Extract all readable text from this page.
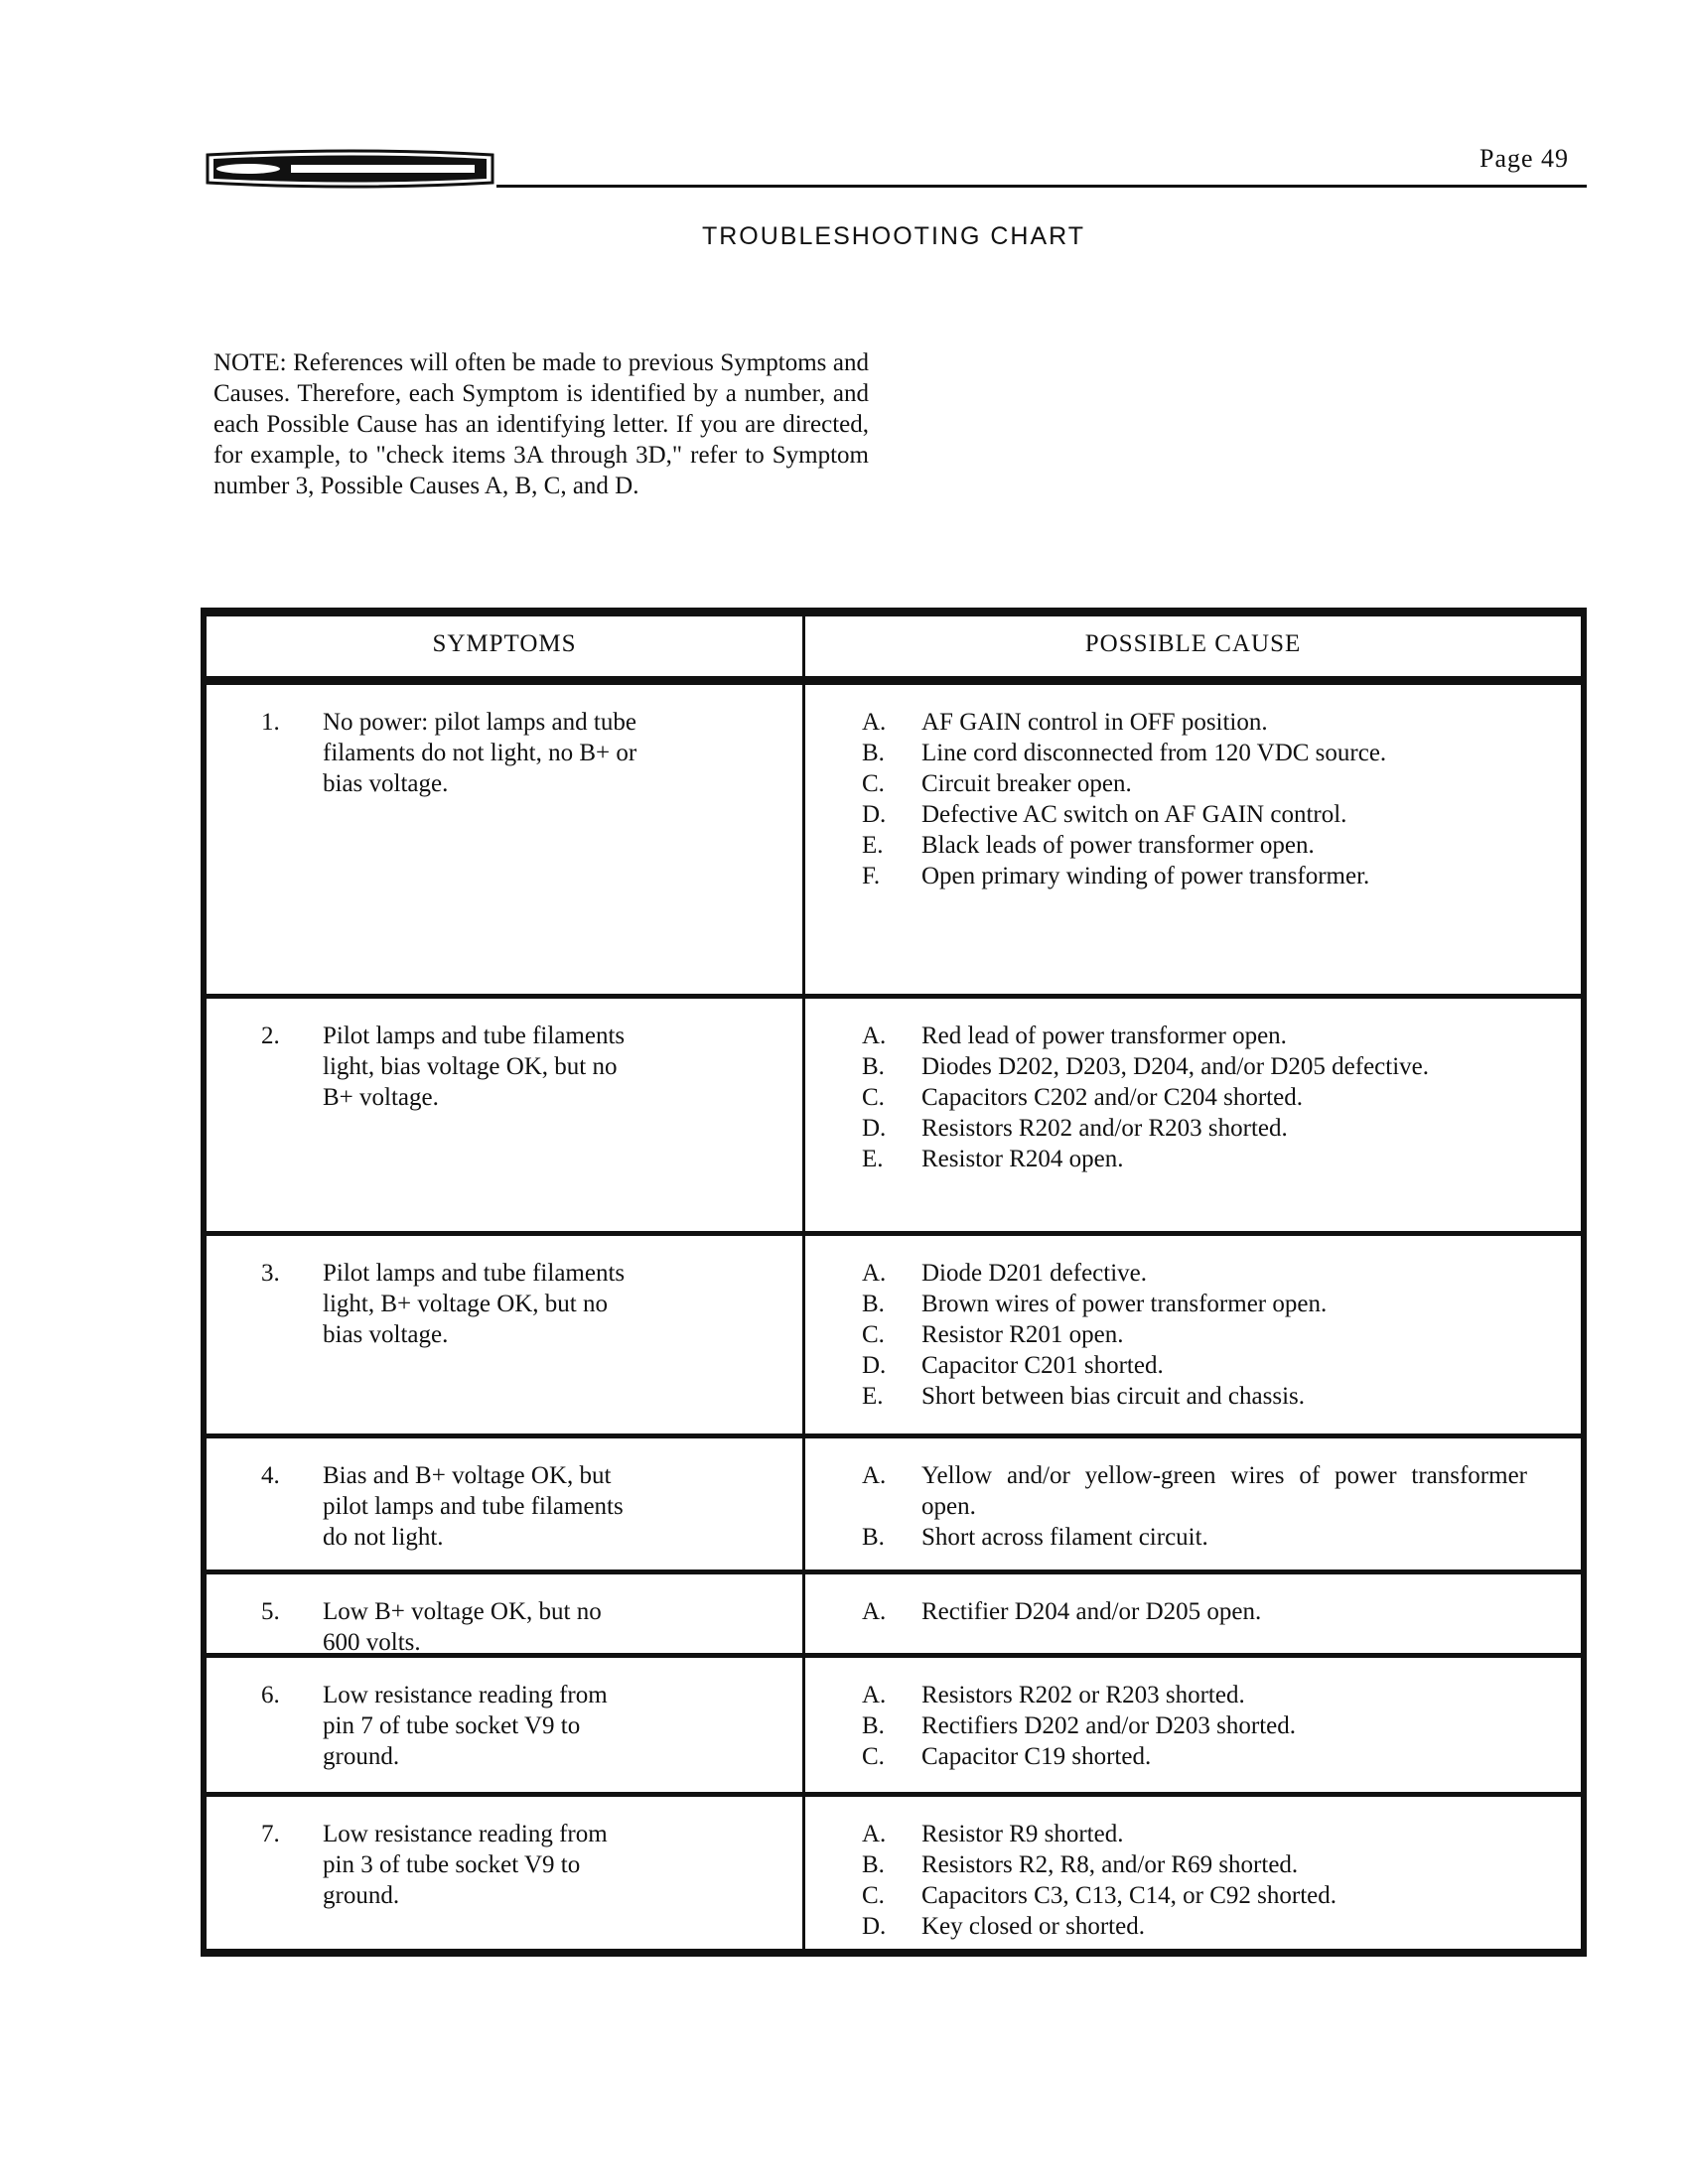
Page 49
TROUBLESHOOTING CHART
NOTE: References will often be made to previous Symptoms and Causes. Therefore, each Symptom is identified by a number, and each Possible Cause has an identifying letter. If you are directed, for example, to "check items 3A through 3D," refer to Symptom number 3, Possible Causes A, B, C, and D.
SYMPTOMS	POSSIBLE CAUSE
1. No power: pilot lamps and tube filaments do not light, no B+ or bias voltage.
A. AF GAIN control in OFF position.
B. Line cord disconnected from 120 VDC source.
C. Circuit breaker open.
D. Defective AC switch on AF GAIN control.
E. Black leads of power transformer open.
F. Open primary winding of power transformer.
2. Pilot lamps and tube filaments light, bias voltage OK, but no B+ voltage.
A. Red lead of power transformer open.
B. Diodes D202, D203, D204, and/or D205 defective.
C. Capacitors C202 and/or C204 shorted.
D. Resistors R202 and/or R203 shorted.
E. Resistor R204 open.
3. Pilot lamps and tube filaments light, B+ voltage OK, but no bias voltage.
A. Diode D201 defective.
B. Brown wires of power transformer open.
C. Resistor R201 open.
D. Capacitor C201 shorted.
E. Short between bias circuit and chassis.
4. Bias and B+ voltage OK, but pilot lamps and tube filaments do not light.
A. Yellow and/or yellow-green wires of power transformer open.
B. Short across filament circuit.
5. Low B+ voltage OK, but no 600 volts.
A. Rectifier D204 and/or D205 open.
6. Low resistance reading from pin 7 of tube socket V9 to ground.
A. Resistors R202 or R203 shorted.
B. Rectifiers D202 and/or D203 shorted.
C. Capacitor C19 shorted.
7. Low resistance reading from pin 3 of tube socket V9 to ground.
A. Resistor R9 shorted.
B. Resistors R2, R8, and/or R69 shorted.
C. Capacitors C3, C13, C14, or C92 shorted.
D. Key closed or shorted.
